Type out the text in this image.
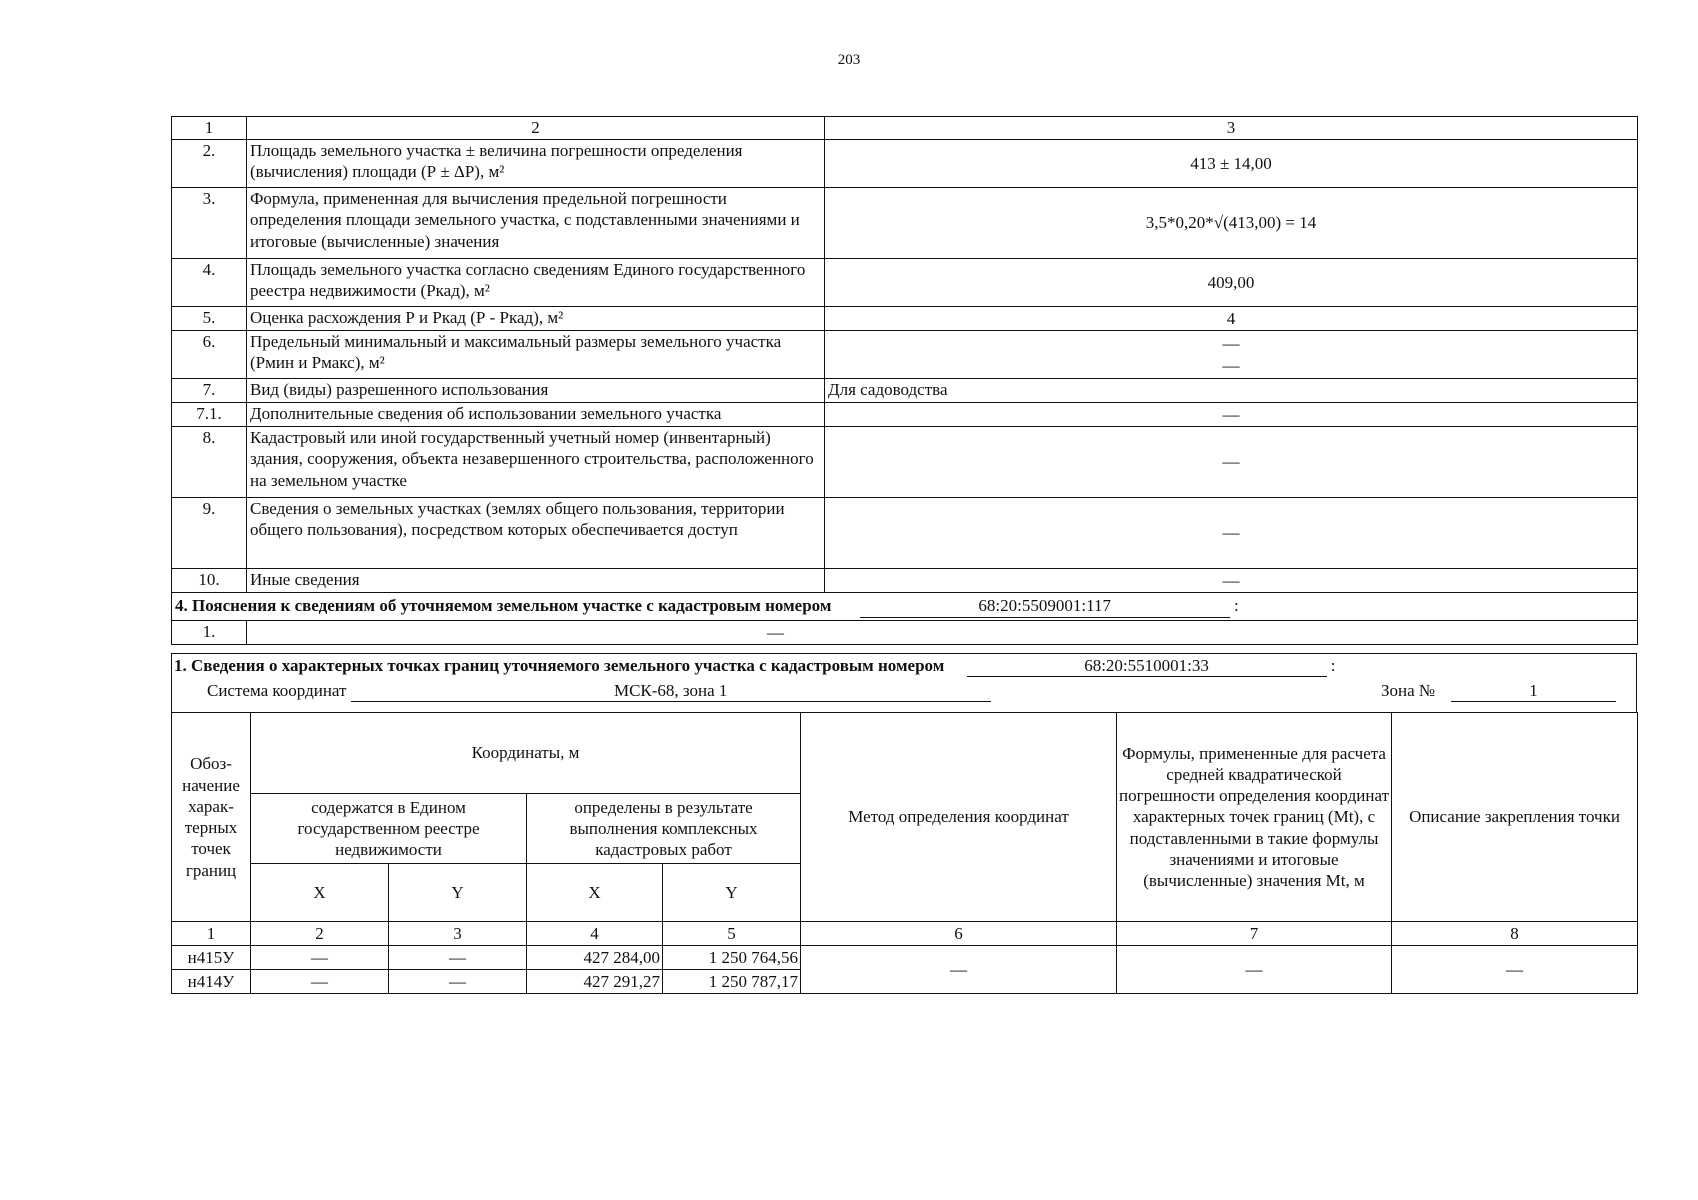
203
1	2	3
2.	Площадь земельного участка ± величина погрешности определения (вычисления) площади (Р ± ΔР), м²	413 ± 14,00
3.	Формула, примененная для вычисления предельной погрешности определения площади земельного участка, с подставленными значениями и итоговые (вычисленные) значения	3,5*0,20*√(413,00) = 14
4.	Площадь земельного участка согласно сведениям Единого государственного реестра недвижимости (Ркад), м²	409,00
5.	Оценка расхождения Р и Ркад (Р - Ркад), м²	4
6.	Предельный минимальный и максимальный размеры земельного участка (Рмин и Рмакс), м²	—
—

7.	Вид (виды) разрешенного использования	Для садоводства
7.1.	Дополнительные сведения об использовании земельного участка	—
8.	Кадастровый или иной государственный учетный номер (инвентарный) здания, сооружения, объекта незавершенного строительства, расположенного на земельном участке	—
9.	Сведения о земельных участках (землях общего пользования, территории общего пользования), посредством которых обеспечивается доступ	—
10.	Иные сведения	—
4. Пояснения к сведениям об уточняемом земельном участке с кадастровым номером 68:20:5509001:117 :		
1.	—	
1. Сведения о характерных точках границ уточняемого земельного участка с кадастровым номером	68:20:5510001:33	:
Система координат	МСК-68, зона 1	Зона №	1
Обоз-начение харак-терных точек границ	Координаты, м				Метод определения координат	Формулы, примененные для расчета средней квадратической погрешности определения координат характерных точек границ (Mt), с подставленными в такие формулы значениями и итоговые (вычисленные) значения Mt, м	Описание закрепления точки
	содержатся в Едином государственном реестре недвижимости		определены в результате выполнения комплексных кадастровых работ				
	X	Y	X	Y			
1	2	3	4	5	6	7	8
н415У	—	—	427 284,00	1 250 764,56	—	—	—
н414У	—	—	427 291,27	1 250 787,17			
